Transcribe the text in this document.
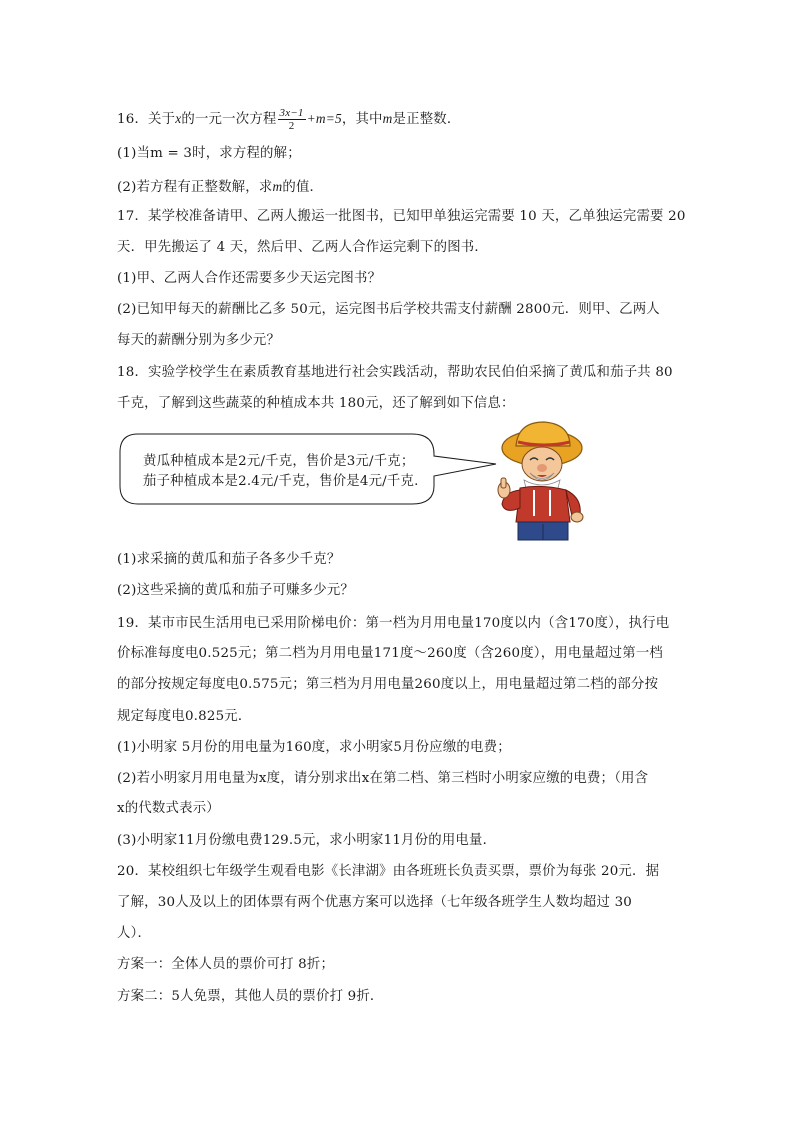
16．关于x的一元一次方程 $\frac{3x-1}{2} +m=5$，其中m是正整数．
(1)当m = 3时，求方程的解；
(2)若方程有正整数解，求m的值．
17．某学校准备请甲、乙两人搬运一批图书，已知甲单独运完需要 10 天，乙单独运完需要 20
天．甲先搬运了 4 天，然后甲、乙两人合作运完剩下的图书．
(1)甲、乙两人合作还需要多少天运完图书？
(2)已知甲每天的薪酬比乙多 50元，运完图书后学校共需支付薪酬 2800元．则甲、乙两人
每天的薪酬分别为多少元？
18．实验学校学生在素质教育基地进行社会实践活动，帮助农民伯伯采摘了黄瓜和茄子共 80
千克，了解到这些蔬菜的种植成本共 180元，还了解到如下信息：
黄瓜种植成本是2元/千克，售价是3元/千克；
茄子种植成本是2.4元/千克，售价是4元/千克.
(1)求采摘的黄瓜和茄子各多少千克？
(2)这些采摘的黄瓜和茄子可赚多少元？
19．某市市民生活用电已采用阶梯电价：第一档为月用电量170度以内（含170度），执行电
价标准每度电0.525元；第二档为月用电量171度～260度（含260度），用电量超过第一档
的部分按规定每度电0.575元；第三档为月用电量260度以上，用电量超过第二档的部分按
规定每度电0.825元．
(1)小明家 5月份的用电量为160度，求小明家5月份应缴的电费；
(2)若小明家月用电量为x度，请分别求出x在第二档、第三档时小明家应缴的电费；（用含
x的代数式表示）
(3)小明家11月份缴电费129.5元，求小明家11月份的用电量．
20．某校组织七年级学生观看电影《长津湖》由各班班长负责买票，票价为每张 20元．据
了解，30人及以上的团体票有两个优惠方案可以选择（七年级各班学生人数均超过 30
人）．
方案一：全体人员的票价可打 8折；
方案二：5人免票，其他人员的票价打 9折．
